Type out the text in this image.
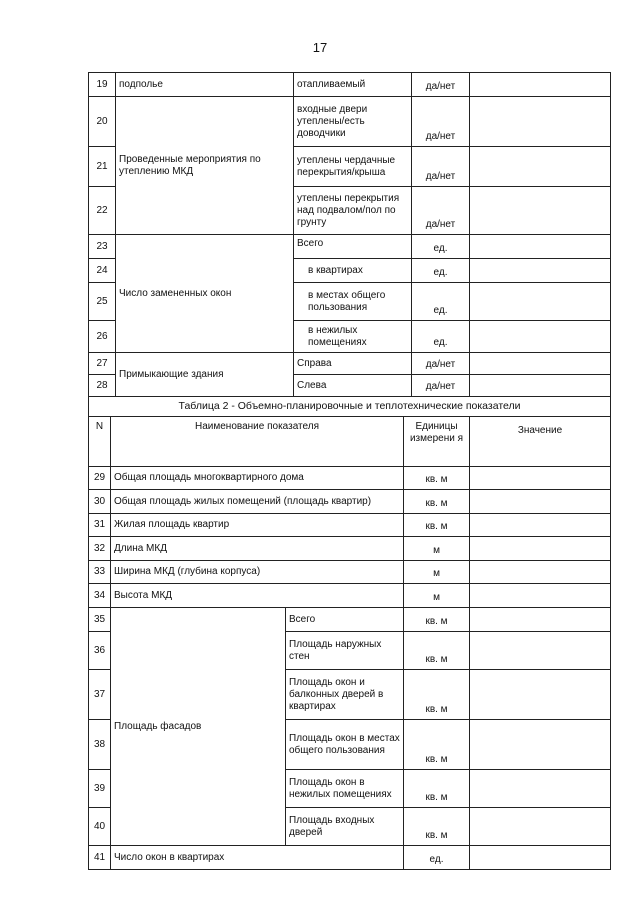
17
19	подполье	отапливаемый	да/нет	
20	Проведенные мероприятия по утеплению МКД	входные двери утеплены/есть доводчики	да/нет	
21		утеплены чердачные перекрытия/крыша	да/нет	
22		утеплены перекрытия над подвалом/пол по грунту	да/нет	
23	Число замененных окон	Всего	ед.	
24		в квартирах	ед.	
25		в местах общего пользования	ед.	
26		в нежилых помещениях	ед.	
27	Примыкающие здания	Справа	да/нет	
28		Слева	да/нет	
Таблица 2 - Объемно-планировочные и теплотехнические показатели				
N	Наименование показателя		Единицы измерени я	Значение
29	Общая площадь многоквартирного дома		кв. м	
30	Общая площадь жилых помещений (площадь квартир)		кв. м	
31	Жилая площадь квартир		кв. м	
32	Длина МКД		м	
33	Ширина МКД (глубина корпуса)		м	
34	Высота МКД		м	
35	Площадь фасадов	Всего	кв. м	
36		Площадь наружных стен	кв. м	
37		Площадь окон и балконных дверей в квартирах	кв. м	
38		Площадь окон в местах общего пользования	кв. м	
39		Площадь окон в нежилых помещениях	кв. м	
40		Площадь входных дверей	кв. м	
41	Число окон в квартирах		ед.	
